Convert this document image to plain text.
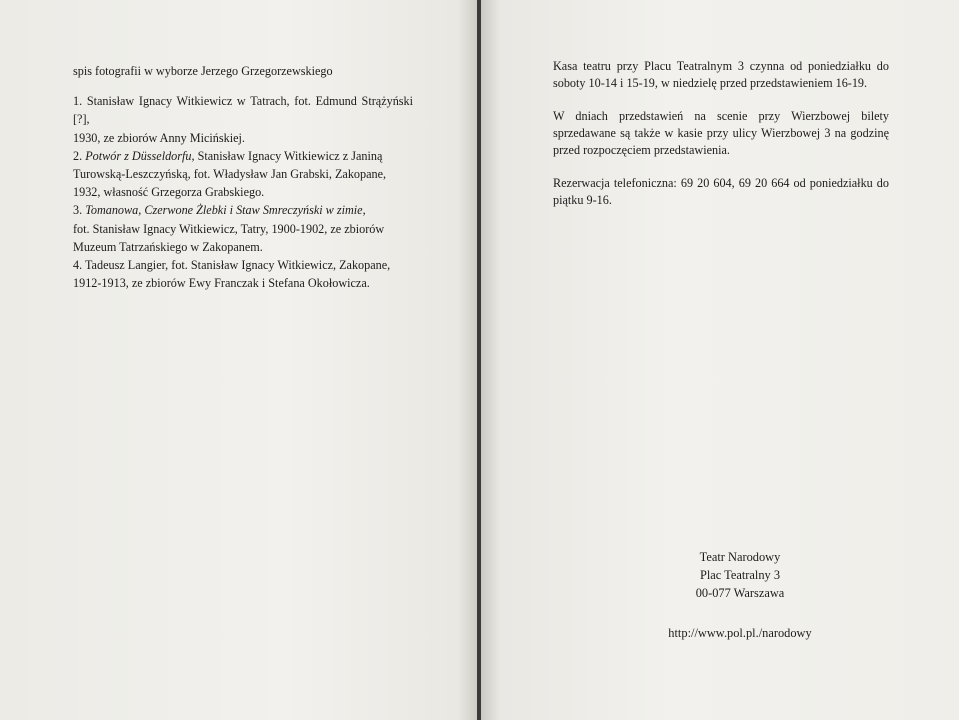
spis fotografii w wyborze Jerzego Grzegorzewskiego

1. Stanisław Ignacy Witkiewicz w Tatrach, fot. Edmund Strążyński [?],
1930, ze zbiorów Anny Micińskiej.
2. Potwór z Düsseldorfu, Stanisław Ignacy Witkiewicz z Janiną
Turowską-Leszczyńską, fot. Władysław Jan Grabski, Zakopane,
1932, własność Grzegorza Grabskiego.
3. Tomanowa, Czerwone Żlebki i Staw Smreczyński w zimie,
fot. Stanisław Ignacy Witkiewicz, Tatry, 1900-1902, ze zbiorów
Muzeum Tatrzańskiego w Zakopanem.
4. Tadeusz Langier, fot. Stanisław Ignacy Witkiewicz, Zakopane,
1912-1913, ze zbiorów Ewy Franczak i Stefana Okołowicza.

Kasa teatru przy Placu Teatralnym 3 czynna od poniedziałku do soboty 10-14 i 15-19, w niedzielę przed przedstawieniem 16-19.

W dniach przedstawień na scenie przy Wierzbowej bilety sprzedawane są także w kasie przy ulicy Wierzbowej 3 na godzinę przed rozpoczęciem przedstawienia.

Rezerwacja telefoniczna: 69 20 604, 69 20 664 od poniedziałku do piątku 9-16.

Teatr Narodowy
Plac Teatralny 3
00-077 Warszawa
http://www.pol.pl./narodowy
